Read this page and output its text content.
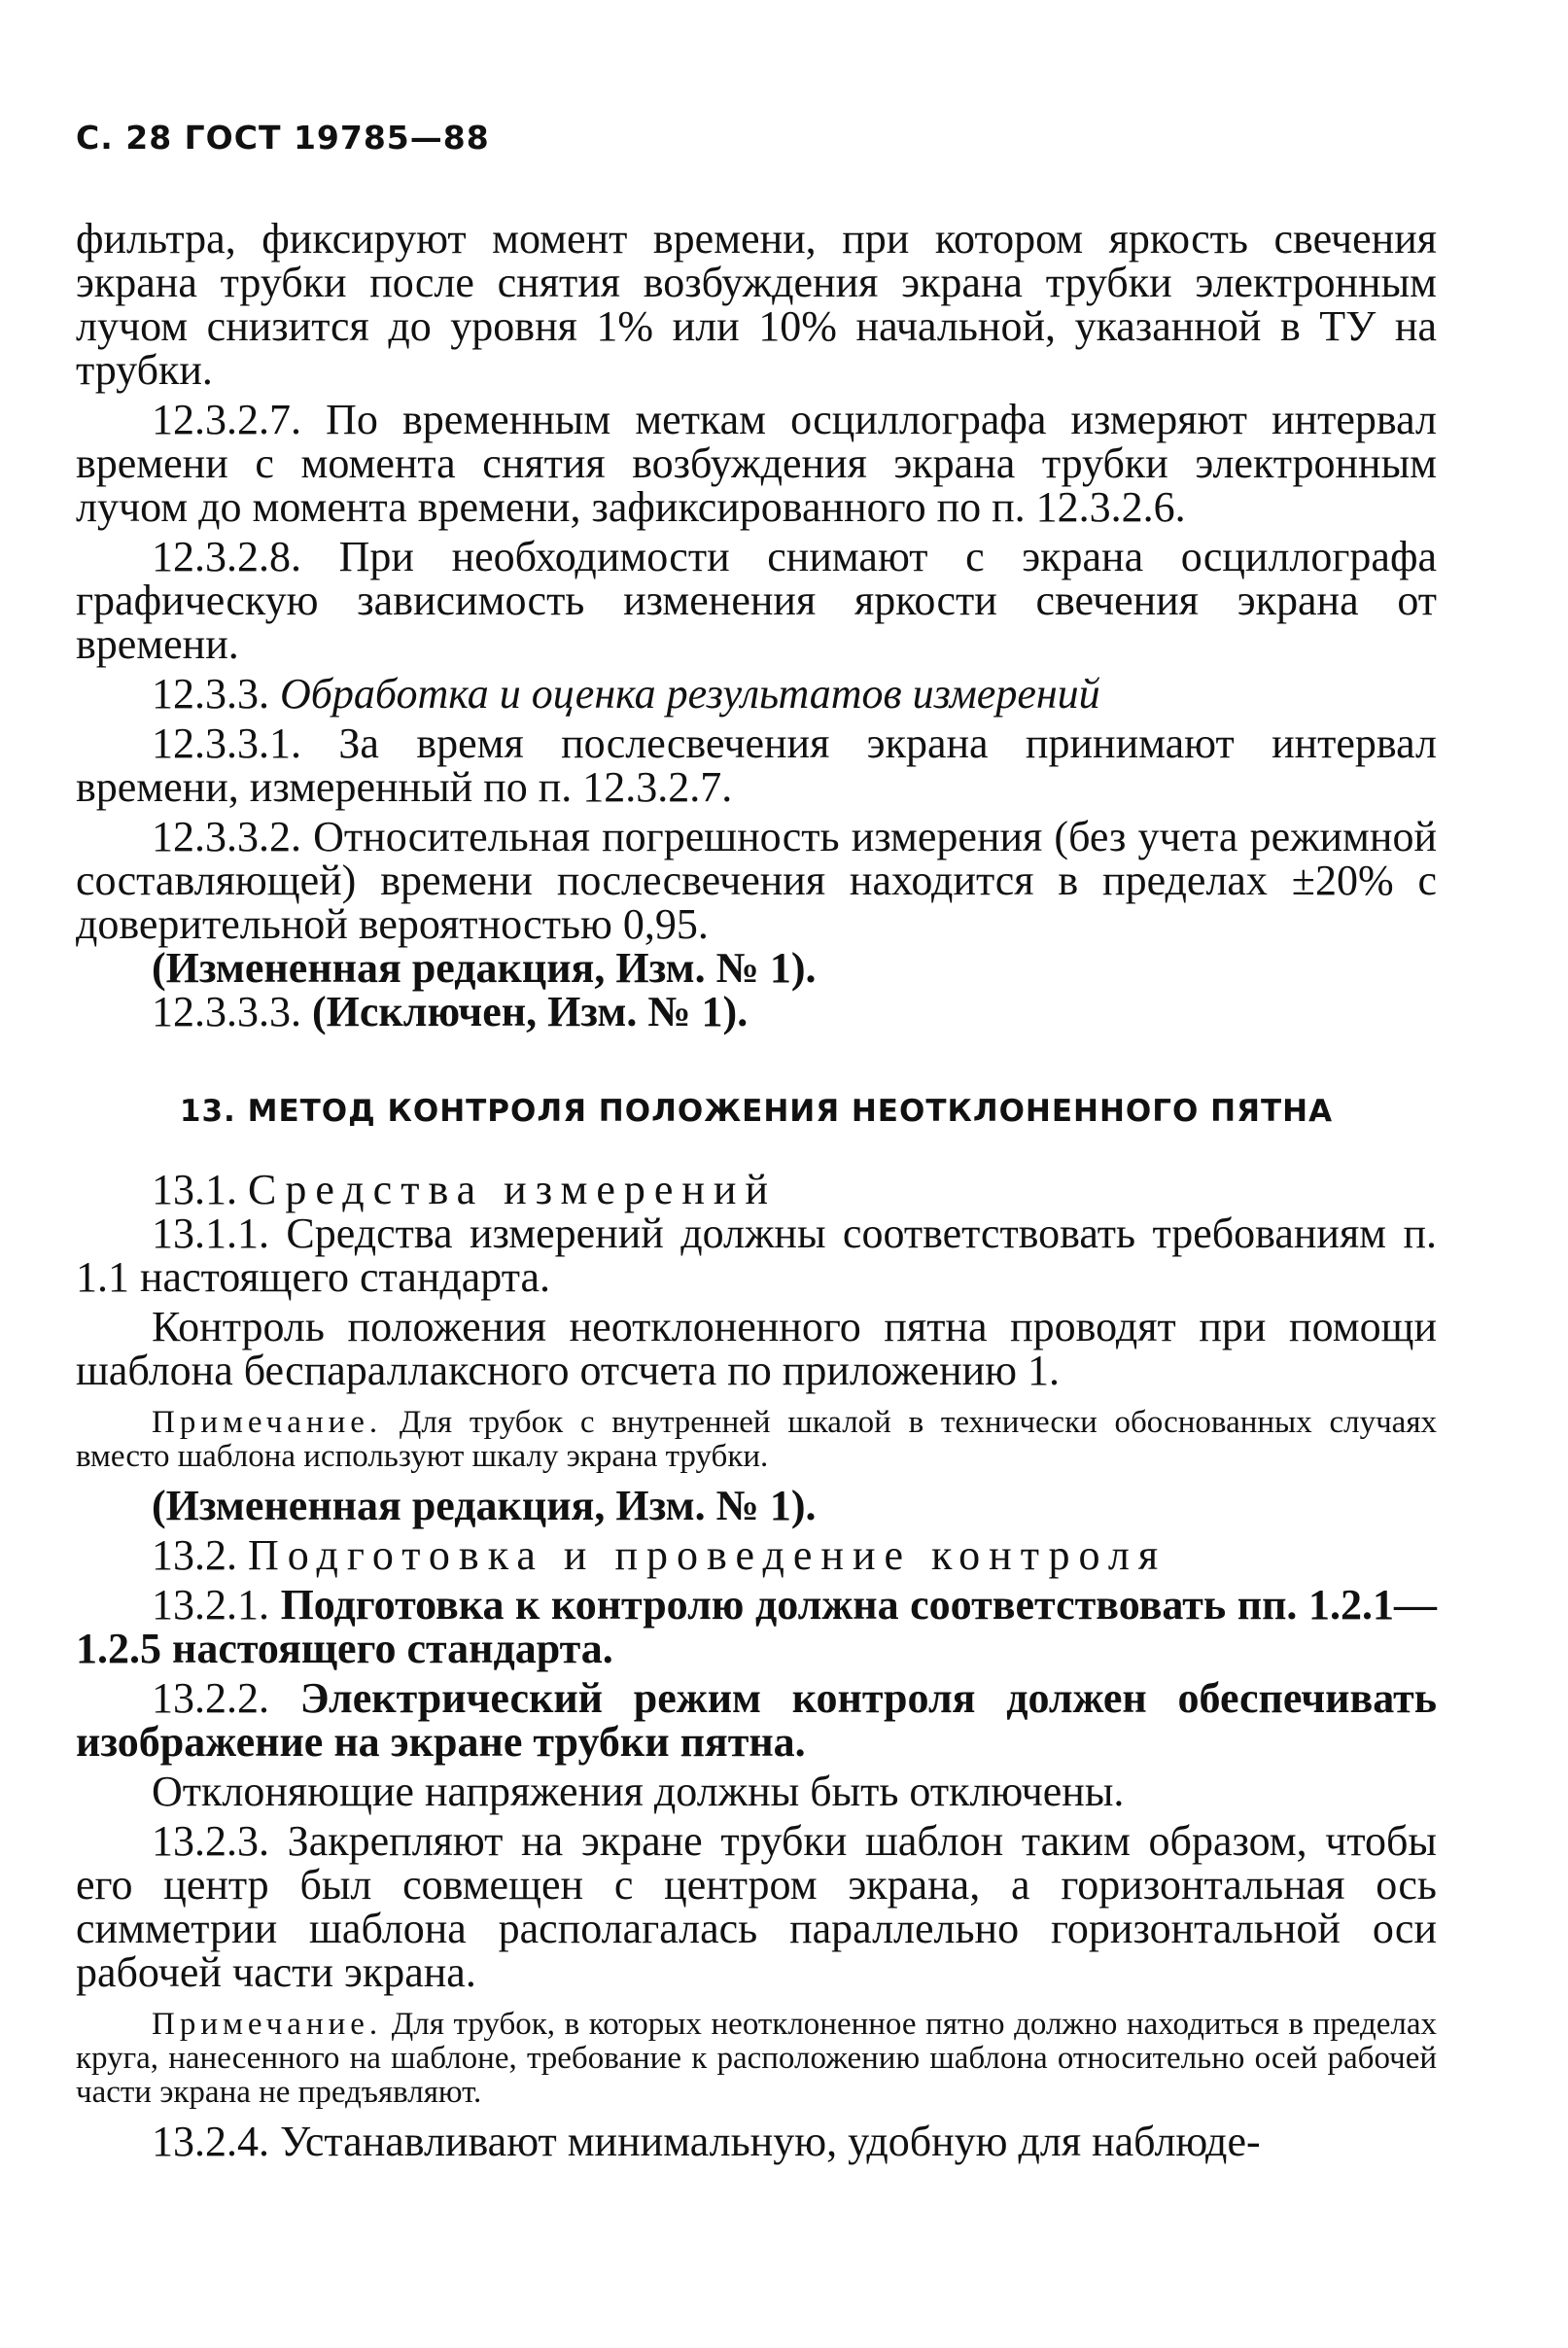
С. 28 ГОСТ 19785—88

фильтра, фиксируют момент времени, при котором яркость свечения экрана трубки после снятия возбуждения экрана трубки электронным лучом снизится до уровня 1% или 10% начальной, указанной в ТУ на трубки.

12.3.2.7. По временным меткам осциллографа измеряют интервал времени с момента снятия возбуждения экрана трубки электронным лучом до момента времени, зафиксированного по п. 12.3.2.6.

12.3.2.8. При необходимости снимают с экрана осциллографа графическую зависимость изменения яркости свечения экрана от времени.

12.3.3. Обработка и оценка результатов измерений

12.3.3.1. За время послесвечения экрана принимают интервал времени, измеренный по п. 12.3.2.7.

12.3.3.2. Относительная погрешность измерения (без учета режимной составляющей) времени послесвечения находится в пределах ±20% с доверительной вероятностью 0,95.

(Измененная редакция, Изм. № 1).

12.3.3.3. (Исключен, Изм. № 1).

13. МЕТОД КОНТРОЛЯ ПОЛОЖЕНИЯ НЕОТКЛОНЕННОГО ПЯТНА

13.1. Средства измерений

13.1.1. Средства измерений должны соответствовать требованиям п. 1.1 настоящего стандарта.

Контроль положения неотклоненного пятна проводят при помощи шаблона беспараллаксного отсчета по приложению 1.

Примечание. Для трубок с внутренней шкалой в технически обоснованных случаях вместо шаблона используют шкалу экрана трубки.

(Измененная редакция, Изм. № 1).

13.2. Подготовка и проведение контроля

13.2.1. Подготовка к контролю должна соответствовать пп. 1.2.1—1.2.5 настоящего стандарта.

13.2.2. Электрический режим контроля должен обеспечивать изображение на экране трубки пятна.

Отклоняющие напряжения должны быть отключены.

13.2.3. Закрепляют на экране трубки шаблон таким образом, чтобы его центр был совмещен с центром экрана, а горизонтальная ось симметрии шаблона располагалась параллельно горизонтальной оси рабочей части экрана.

Примечание. Для трубок, в которых неотклоненное пятно должно находиться в пределах круга, нанесенного на шаблоне, требование к расположению шаблона относительно осей рабочей части экрана не предъявляют.

13.2.4. Устанавливают минимальную, удобную для наблюде-
